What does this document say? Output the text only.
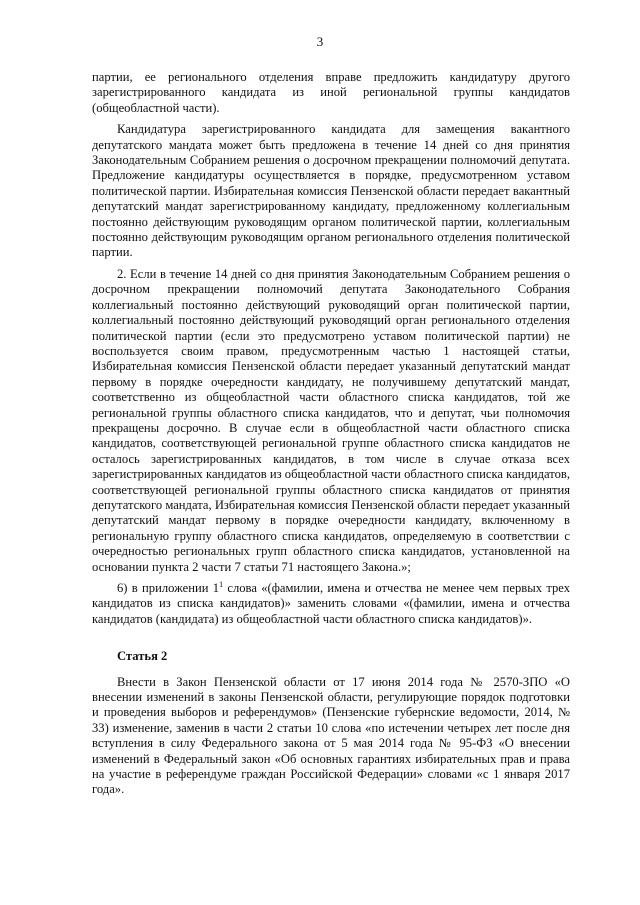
3

партии, ее регионального отделения вправе предложить кандидатуру другого зарегистрированного кандидата из иной региональной группы кандидатов (общеобластной части).

Кандидатура зарегистрированного кандидата для замещения вакантного депутатского мандата может быть предложена в течение 14 дней со дня принятия Законодательным Собранием решения о досрочном прекращении полномочий депутата. Предложение кандидатуры осуществляется в порядке, предусмотренном уставом политической партии. Избирательная комиссия Пензенской области передает вакантный депутатский мандат зарегистрированному кандидату, предложенному коллегиальным постоянно действующим руководящим органом политической партии, коллегиальным постоянно действующим руководящим органом регионального отделения политической партии.

2. Если в течение 14 дней со дня принятия Законодательным Собранием решения о досрочном прекращении полномочий депутата Законодательного Собрания коллегиальный постоянно действующий руководящий орган политической партии, коллегиальный постоянно действующий руководящий орган регионального отделения политической партии (если это предусмотрено уставом политической партии) не воспользуется своим правом, предусмотренным частью 1 настоящей статьи, Избирательная комиссия Пензенской области передает указанный депутатский мандат первому в порядке очередности кандидату, не получившему депутатский мандат, соответственно из общеобластной части областного списка кандидатов, той же региональной группы областного списка кандидатов, что и депутат, чьи полномочия прекращены досрочно. В случае если в общеобластной части областного списка кандидатов, соответствующей региональной группе областного списка кандидатов не осталось зарегистрированных кандидатов, в том числе в случае отказа всех зарегистрированных кандидатов из общеобластной части областного списка кандидатов, соответствующей региональной группы областного списка кандидатов от принятия депутатского мандата, Избирательная комиссия Пензенской области передает указанный депутатский мандат первому в порядке очередности кандидату, включенному в региональную группу областного списка кандидатов, определяемую в соответствии с очередностью региональных групп областного списка кандидатов, установленной на основании пункта 2 части 7 статьи 71 настоящего Закона.»;

6) в приложении $1^1$ слова «(фамилии, имена и отчества не менее чем первых трех кандидатов из списка кандидатов)» заменить словами «(фамилии, имена и отчества кандидатов (кандидата) из общеобластной части областного списка кандидатов)».

Статья 2

Внести в Закон Пензенской области от 17 июня 2014 года № 2570-ЗПО «О внесении изменений в законы Пензенской области, регулирующие порядок подготовки и проведения выборов и референдумов» (Пензенские губернские ведомости, 2014, № 33) изменение, заменив в части 2 статьи 10 слова «по истечении четырех лет после дня вступления в силу Федерального закона от 5 мая 2014 года № 95-ФЗ «О внесении изменений в Федеральный закон «Об основных гарантиях избирательных прав и права на участие в референдуме граждан Российской Федерации» словами «с 1 января 2017 года».
